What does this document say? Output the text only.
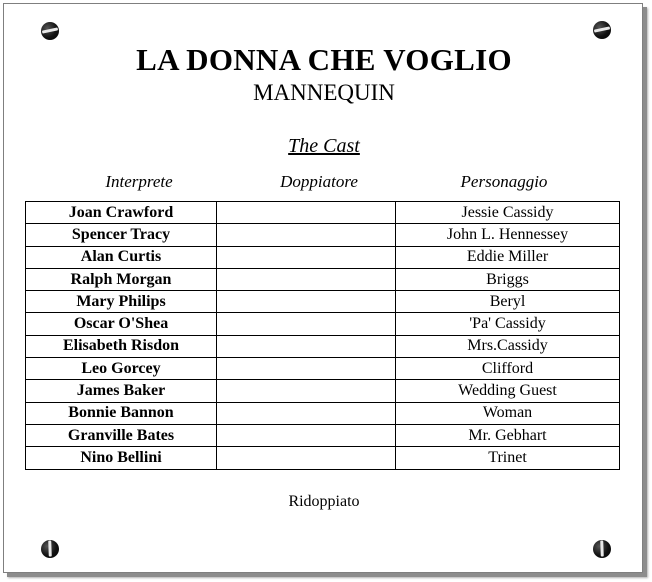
LA DONNA CHE VOGLIO
MANNEQUIN
The Cast
Interprete	Doppiatore	Personaggio
Joan Crawford		Jessie Cassidy
Spencer Tracy		John L. Hennessey
Alan Curtis		Eddie Miller
Ralph Morgan		Briggs
Mary Philips		Beryl
Oscar O'Shea		'Pa' Cassidy
Elisabeth Risdon		Mrs.Cassidy
Leo Gorcey		Clifford
James Baker		Wedding Guest
Bonnie Bannon		Woman
Granville Bates		Mr. Gebhart
Nino Bellini		Trinet
Ridoppiato
